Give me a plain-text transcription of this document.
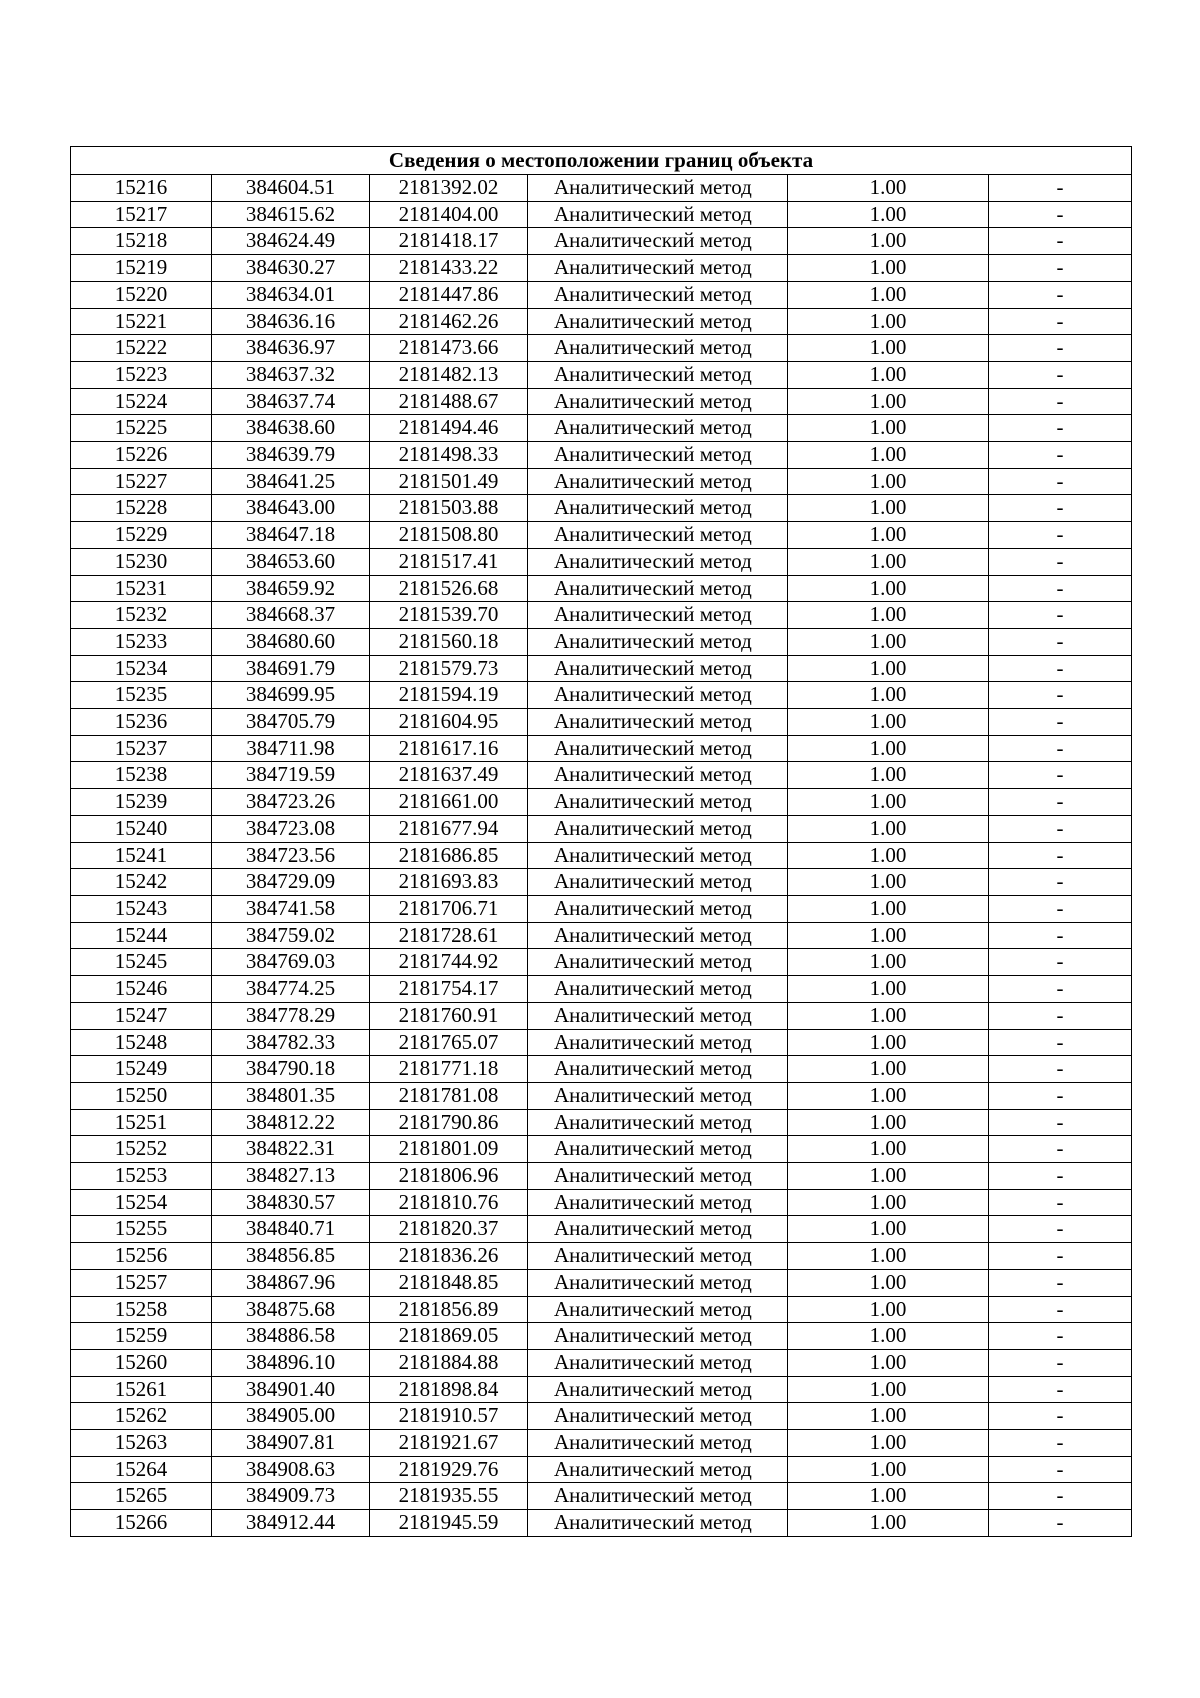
Сведения о местоположении границ объекта					
15216	384604.51	2181392.02	Аналитический метод	1.00	-
15217	384615.62	2181404.00	Аналитический метод	1.00	-
15218	384624.49	2181418.17	Аналитический метод	1.00	-
15219	384630.27	2181433.22	Аналитический метод	1.00	-
15220	384634.01	2181447.86	Аналитический метод	1.00	-
15221	384636.16	2181462.26	Аналитический метод	1.00	-
15222	384636.97	2181473.66	Аналитический метод	1.00	-
15223	384637.32	2181482.13	Аналитический метод	1.00	-
15224	384637.74	2181488.67	Аналитический метод	1.00	-
15225	384638.60	2181494.46	Аналитический метод	1.00	-
15226	384639.79	2181498.33	Аналитический метод	1.00	-
15227	384641.25	2181501.49	Аналитический метод	1.00	-
15228	384643.00	2181503.88	Аналитический метод	1.00	-
15229	384647.18	2181508.80	Аналитический метод	1.00	-
15230	384653.60	2181517.41	Аналитический метод	1.00	-
15231	384659.92	2181526.68	Аналитический метод	1.00	-
15232	384668.37	2181539.70	Аналитический метод	1.00	-
15233	384680.60	2181560.18	Аналитический метод	1.00	-
15234	384691.79	2181579.73	Аналитический метод	1.00	-
15235	384699.95	2181594.19	Аналитический метод	1.00	-
15236	384705.79	2181604.95	Аналитический метод	1.00	-
15237	384711.98	2181617.16	Аналитический метод	1.00	-
15238	384719.59	2181637.49	Аналитический метод	1.00	-
15239	384723.26	2181661.00	Аналитический метод	1.00	-
15240	384723.08	2181677.94	Аналитический метод	1.00	-
15241	384723.56	2181686.85	Аналитический метод	1.00	-
15242	384729.09	2181693.83	Аналитический метод	1.00	-
15243	384741.58	2181706.71	Аналитический метод	1.00	-
15244	384759.02	2181728.61	Аналитический метод	1.00	-
15245	384769.03	2181744.92	Аналитический метод	1.00	-
15246	384774.25	2181754.17	Аналитический метод	1.00	-
15247	384778.29	2181760.91	Аналитический метод	1.00	-
15248	384782.33	2181765.07	Аналитический метод	1.00	-
15249	384790.18	2181771.18	Аналитический метод	1.00	-
15250	384801.35	2181781.08	Аналитический метод	1.00	-
15251	384812.22	2181790.86	Аналитический метод	1.00	-
15252	384822.31	2181801.09	Аналитический метод	1.00	-
15253	384827.13	2181806.96	Аналитический метод	1.00	-
15254	384830.57	2181810.76	Аналитический метод	1.00	-
15255	384840.71	2181820.37	Аналитический метод	1.00	-
15256	384856.85	2181836.26	Аналитический метод	1.00	-
15257	384867.96	2181848.85	Аналитический метод	1.00	-
15258	384875.68	2181856.89	Аналитический метод	1.00	-
15259	384886.58	2181869.05	Аналитический метод	1.00	-
15260	384896.10	2181884.88	Аналитический метод	1.00	-
15261	384901.40	2181898.84	Аналитический метод	1.00	-
15262	384905.00	2181910.57	Аналитический метод	1.00	-
15263	384907.81	2181921.67	Аналитический метод	1.00	-
15264	384908.63	2181929.76	Аналитический метод	1.00	-
15265	384909.73	2181935.55	Аналитический метод	1.00	-
15266	384912.44	2181945.59	Аналитический метод	1.00	-
